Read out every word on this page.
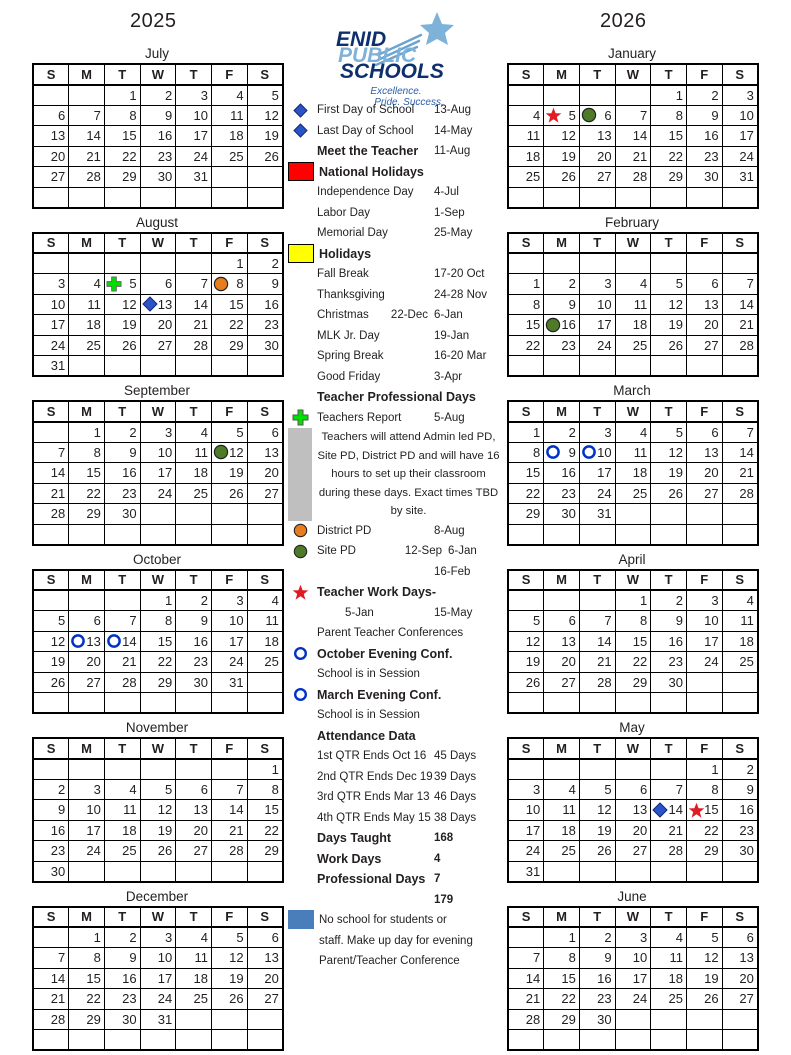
2025	2026
ENID
PUBLIC
SCHOOLS
Excellence.
Pride. Success.
July
S	M	T	W	T	F	S
		1	2	3	4	5
6	7	8	9	10	11	12
13	14	15	16	17	18	19
20	21	22	23	24	25	26
27	28	29	30	31		

August
S	M	T	W	T	F	S
					1	2
3	4	5	6	7	8	9
10	11	12	13	14	15	16
17	18	19	20	21	22	23
24	25	26	27	28	29	30
31						
September
S	M	T	W	T	F	S
	1	2	3	4	5	6
7	8	9	10	11	12	13
14	15	16	17	18	19	20
21	22	23	24	25	26	27
28	29	30				

October
S	M	T	W	T	F	S
			1	2	3	4
5	6	7	8	9	10	11
12	13	14	15	16	17	18
19	20	21	22	23	24	25
26	27	28	29	30	31	

November
S	M	T	W	T	F	S
						1
2	3	4	5	6	7	8
9	10	11	12	13	14	15
16	17	18	19	20	21	22
23	24	25	26	27	28	29
30						
December
S	M	T	W	T	F	S
	1	2	3	4	5	6
7	8	9	10	11	12	13
14	15	16	17	18	19	20
21	22	23	24	25	26	27
28	29	30	31			

January
S	M	T	W	T	F	S
				1	2	3
4	5	6	7	8	9	10
11	12	13	14	15	16	17
18	19	20	21	22	23	24
25	26	27	28	29	30	31

February
S	M	T	W	T	F	S

1	2	3	4	5	6	7
8	9	10	11	12	13	14
15	16	17	18	19	20	21
22	23	24	25	26	27	28

March
S	M	T	W	T	F	S
1	2	3	4	5	6	7
8	9	10	11	12	13	14
15	16	17	18	19	20	21
22	23	24	25	26	27	28
29	30	31				

April
S	M	T	W	T	F	S
			1	2	3	4
5	6	7	8	9	10	11
12	13	14	15	16	17	18
19	20	21	22	23	24	25
26	27	28	29	30		

May
S	M	T	W	T	F	S
					1	2
3	4	5	6	7	8	9
10	11	12	13	14	15	16
17	18	19	20	21	22	23
24	25	26	27	28	29	30
31						
June
S	M	T	W	T	F	S
	1	2	3	4	5	6
7	8	9	10	11	12	13
14	15	16	17	18	19	20
21	22	23	24	25	26	27
28	29	30				

First Day of School	13-Aug
Last Day of School	14-May
Meet the Teacher	11-Aug
National Holidays
Independence Day	4-Jul
Labor Day	1-Sep
Memorial Day	25-May
Holidays
Fall Break	17-20 Oct
Thanksgiving	24-28 Nov
Christmas	22-Dec 6-Jan
MLK Jr. Day	19-Jan
Spring Break	16-20 Mar
Good Friday	3-Apr
Teacher Professional Days
Teachers Report	5-Aug
Teachers will attend Admin led PD,
Site PD, District PD and will have 16
hours to set up their classroom
during these days. Exact times TBD
by site.
District PD	8-Aug
Site PD	12-Sep 6-Jan
16-Feb
Teacher Work Days-
5-Jan	15-May
Parent Teacher Conferences
October Evening Conf.
School is in Session
March Evening Conf.
School is in Session
Attendance Data
1st QTR Ends Oct 16 45 Days
2nd QTR Ends Dec 19 39 Days
3rd QTR Ends Mar 13 46 Days
4th QTR Ends May 15 38 Days
Days Taught	168
Work Days	4
Professional Days 7
179
No school for students or
staff. Make up day for evening
Parent/Teacher Conference
